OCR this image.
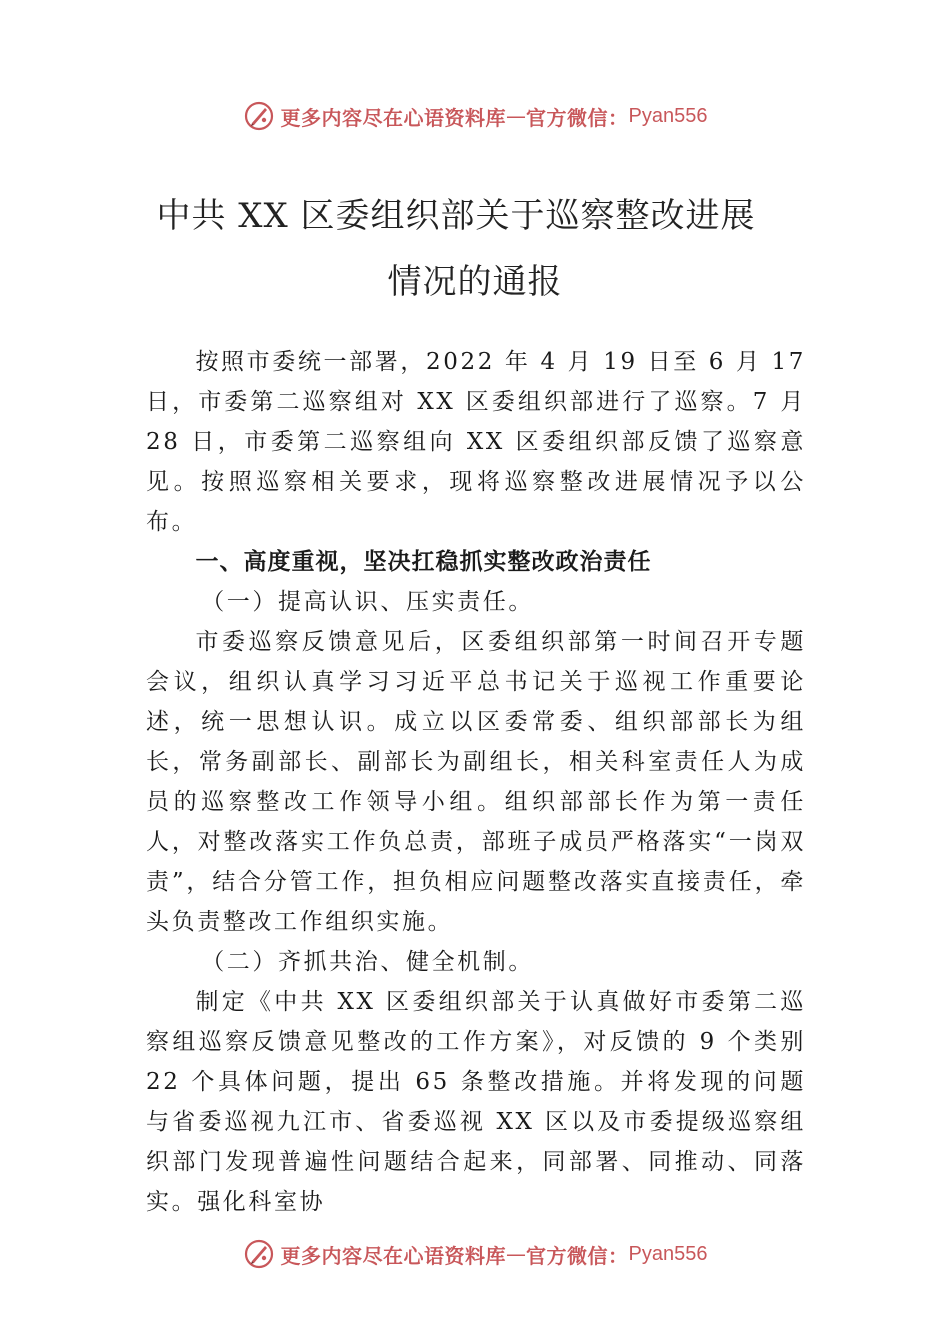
更多内容尽在心语资料库 — 官方微信： Pyan556
中共 XX 区委组织部关于巡察整改进展
情况的通报

按照市委统一部署，2022 年 4 月 19 日至 6 月 17 日，市委第二巡察组对 XX 区委组织部进行了巡察。7 月 28 日，市委第二巡察组向 XX 区委组织部反馈了巡察意见。按照巡察相关要求，现将巡察整改进展情况予以公布。

一、高度重视，坚决扛稳抓实整改政治责任

（一）提高认识、压实责任。

市委巡察反馈意见后，区委组织部第一时间召开专题会议，组织认真学习习近平总书记关于巡视工作重要论述，统一思想认识。成立以区委常委、组织部部长为组长，常务副部长、副部长为副组长，相关科室责任人为成员的巡察整改工作领导小组。组织部部长作为第一责任人，对整改落实工作负总责，部班子成员严格落实“一岗双责”，结合分管工作，担负相应问题整改落实直接责任，牵头负责整改工作组织实施。

（二）齐抓共治、健全机制。

制定《中共 XX 区委组织部关于认真做好市委第二巡察组巡察反馈意见整改的工作方案》，对反馈的 9 个类别 22 个具体问题，提出 65 条整改措施。并将发现的问题与省委巡视九江市、省委巡视 XX 区以及市委提级巡察组织部门发现普遍性问题结合起来，同部署、同推动、同落实。强化科室协

更多内容尽在心语资料库 — 官方微信： Pyan556
